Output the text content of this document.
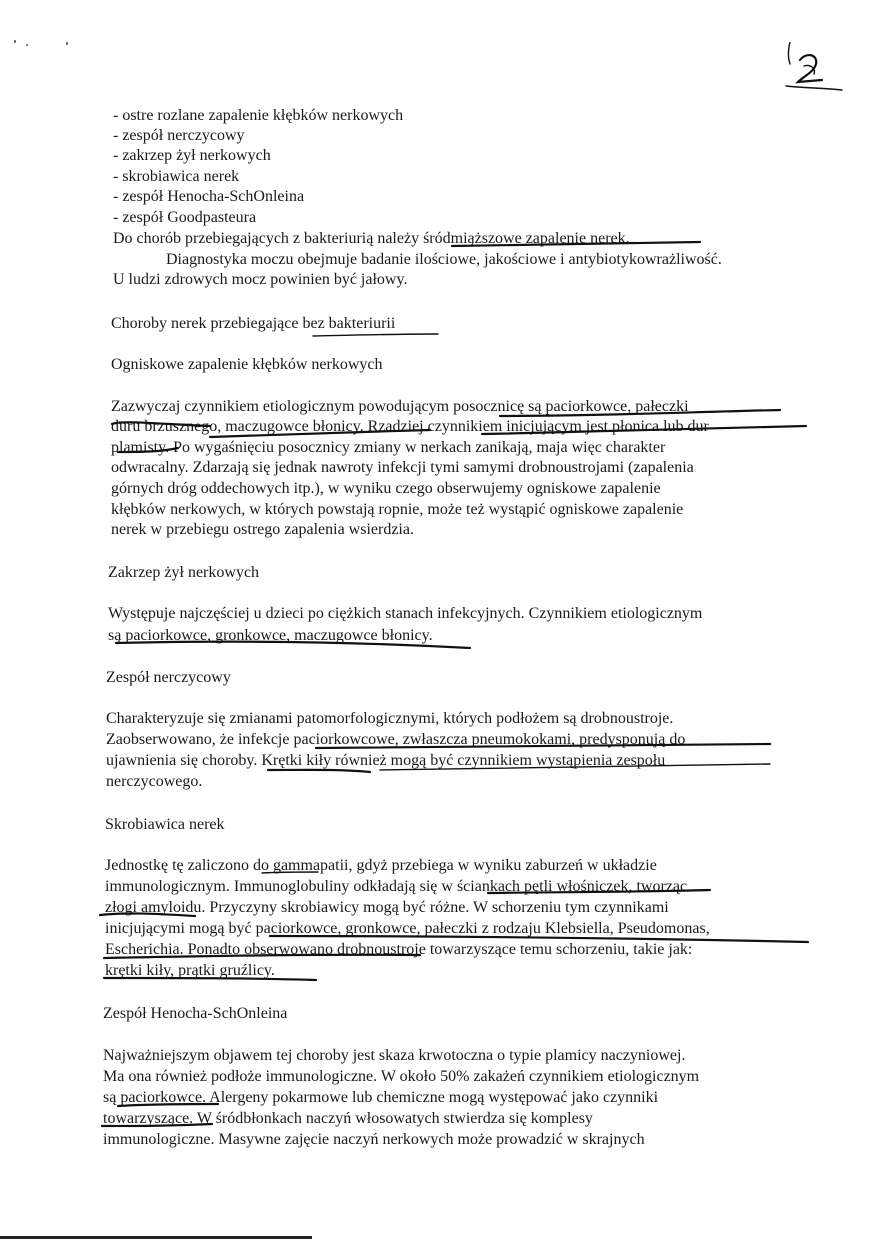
2
- ostre rozlane zapalenie kłębków nerkowych
- zespół nerczycowy
- zakrzep żył nerkowych
- skrobiawica nerek
- zespół Henocha-SchOnleina
- zespół Goodpasteura
Do chorób przebiegających z bakteriurią należy śródmiąższowe zapalenie nerek.
Diagnostyka moczu obejmuje badanie ilościowe, jakościowe i antybiotykowrażliwość.
U ludzi zdrowych mocz powinien być jałowy.
Choroby nerek przebiegające bez bakteriurii
Ogniskowe zapalenie kłębków nerkowych
Zazwyczaj czynnikiem etiologicznym powodującym posocznicę są paciorkowce, pałeczki
duru brzusznego, maczugowce błonicy. Rzadziej czynnikiem inicjującym jest płonica lub dur
plamisty. Po wygaśnięciu posocznicy zmiany w nerkach zanikają, maja więc charakter
odwracalny. Zdarzają się jednak nawroty infekcji tymi samymi drobnoustrojami (zapalenia
górnych dróg oddechowych itp.), w wyniku czego obserwujemy ogniskowe zapalenie
kłębków nerkowych, w których powstają ropnie, może też wystąpić ogniskowe zapalenie
nerek w przebiegu ostrego zapalenia wsierdzia.
Zakrzep żył nerkowych
Występuje najczęściej u dzieci po ciężkich stanach infekcyjnych. Czynnikiem etiologicznym
są paciorkowce, gronkowce, maczugowce błonicy.
Zespół nerczycowy
Charakteryzuje się zmianami patomorfologicznymi, których podłożem są drobnoustroje.
Zaobserwowano, że infekcje paciorkowcowe, zwłaszcza pneumokokami, predysponują do
ujawnienia się choroby. Krętki kiły również mogą być czynnikiem wystąpienia zespołu
nerczycowego.
Skrobiawica nerek
Jednostkę tę zaliczono do gammapatii, gdyż przebiega w wyniku zaburzeń w układzie
immunologicznym. Immunoglobuliny odkładają się w ściankach pętli włośniczek, tworząc
złogi amyloidu. Przyczyny skrobiawicy mogą być różne. W schorzeniu tym czynnikami
inicjującymi mogą być paciorkowce, gronkowce, pałeczki z rodzaju Klebsiella, Pseudomonas,
Escherichia. Ponadto obserwowano drobnoustroje towarzyszące temu schorzeniu, takie jak:
krętki kiły, prątki gruźlicy.
Zespół Henocha-SchOnleina
Najważniejszym objawem tej choroby jest skaza krwotoczna o typie plamicy naczyniowej.
Ma ona również podłoże immunologiczne. W około 50% zakażeń czynnikiem etiologicznym
są paciorkowce. Alergeny pokarmowe lub chemiczne mogą występować jako czynniki
towarzyszące. W śródbłonkach naczyń włosowatych stwierdza się komplesy
immunologiczne. Masywne zajęcie naczyń nerkowych może prowadzić w skrajnych
